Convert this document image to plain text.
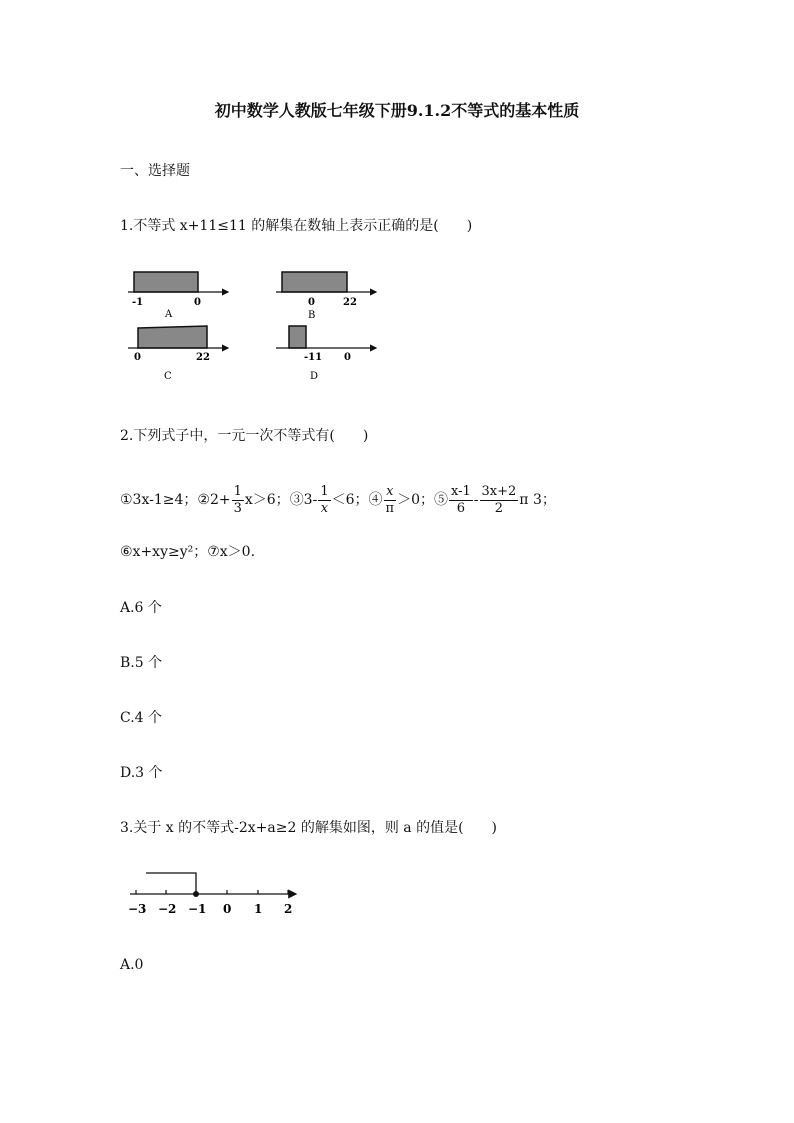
初中数学人教版七年级下册9.1.2不等式的基本性质
一、选择题
1.不等式 x+11≤11 的解集在数轴上表示正确的是(　　)
-1	0
A
0	22
B
0	22
C
-11 0
D
2.下列式子中，一元一次不等式有(　　)
①3x-1≥4；②2+ $\frac{1}{3} x>6$；③3- $\frac{1}{x} <6$；④ $\frac{x}{\pi} >0$；⑤ $\frac{x-1}{6} - \frac{3x+2}{2}$ π 3；
⑥x+xy≥y²；⑦x＞0.
A.6 个
B.5 个
C.4 个
D.3 个
3.关于 x 的不等式-2x+a≥2 的解集如图，则 a 的值是(　　)
−3 −2 −1 0 1 2
A.0
